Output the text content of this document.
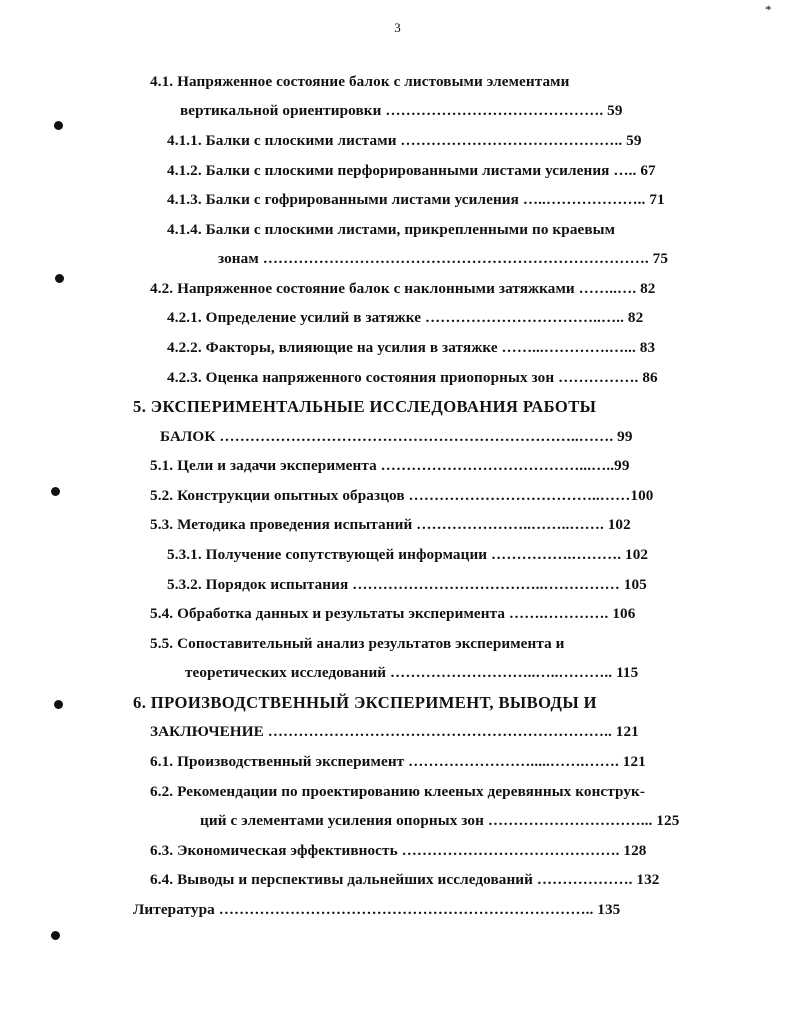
3
*
4.1. Напряженное состояние балок с листовыми элементами
вертикальной ориентировки ……………………………………. 59
4.1.1. Балки с плоскими листами …………………………………….. 59
4.1.2. Балки с плоскими перфорированными листами усиления ….. 67
4.1.3. Балки с гофрированными листами усиления …..……………….. 71
4.1.4. Балки с плоскими листами, прикрепленными по краевым
зонам …………………………………………………………………. 75
4.2. Напряженное состояние балок с наклонными затяжками ……..…. 82
4.2.1. Определение усилий в затяжке ……………………………..….. 82
4.2.2. Факторы, влияющие на усилия в затяжке ……...………….…... 83
4.2.3. Оценка напряженного состояния приопорных зон ……………. 86
5. ЭКСПЕРИМЕНТАЛЬНЫЕ ИССЛЕДОВАНИЯ РАБОТЫ
БАЛОК ……………………………………………………………..……. 99
5.1. Цели и задачи эксперимента …………………………………...…..99
5.2. Конструкции опытных образцов ………………………………..……100
5.3. Методика проведения испытаний …………………..……..……. 102
5.3.1. Получение сопутствующей информации …………….………. 102
5.3.2. Порядок испытания ………………………………..…………… 105
5.4. Обработка данных и результаты эксперимента …….…………. 106
5.5. Сопоставительный анализ результатов эксперимента и
теоретических исследований ………………………..…..……….. 115
6. ПРОИЗВОДСТВЕННЫЙ ЭКСПЕРИМЕНТ, ВЫВОДЫ И
ЗАКЛЮЧЕНИЕ ………………………………………………………….. 121
6.1. Производственный эксперимент …………………….....…….……. 121
6.2. Рекомендации по проектированию клееных деревянных конструк-
ций с элементами усиления опорных зон …………………………... 125
6.3. Экономическая эффективность ……………………………………. 128
6.4. Выводы и перспективы дальнейших исследований ………………. 132
Литература ……………………………………………………………….. 135
